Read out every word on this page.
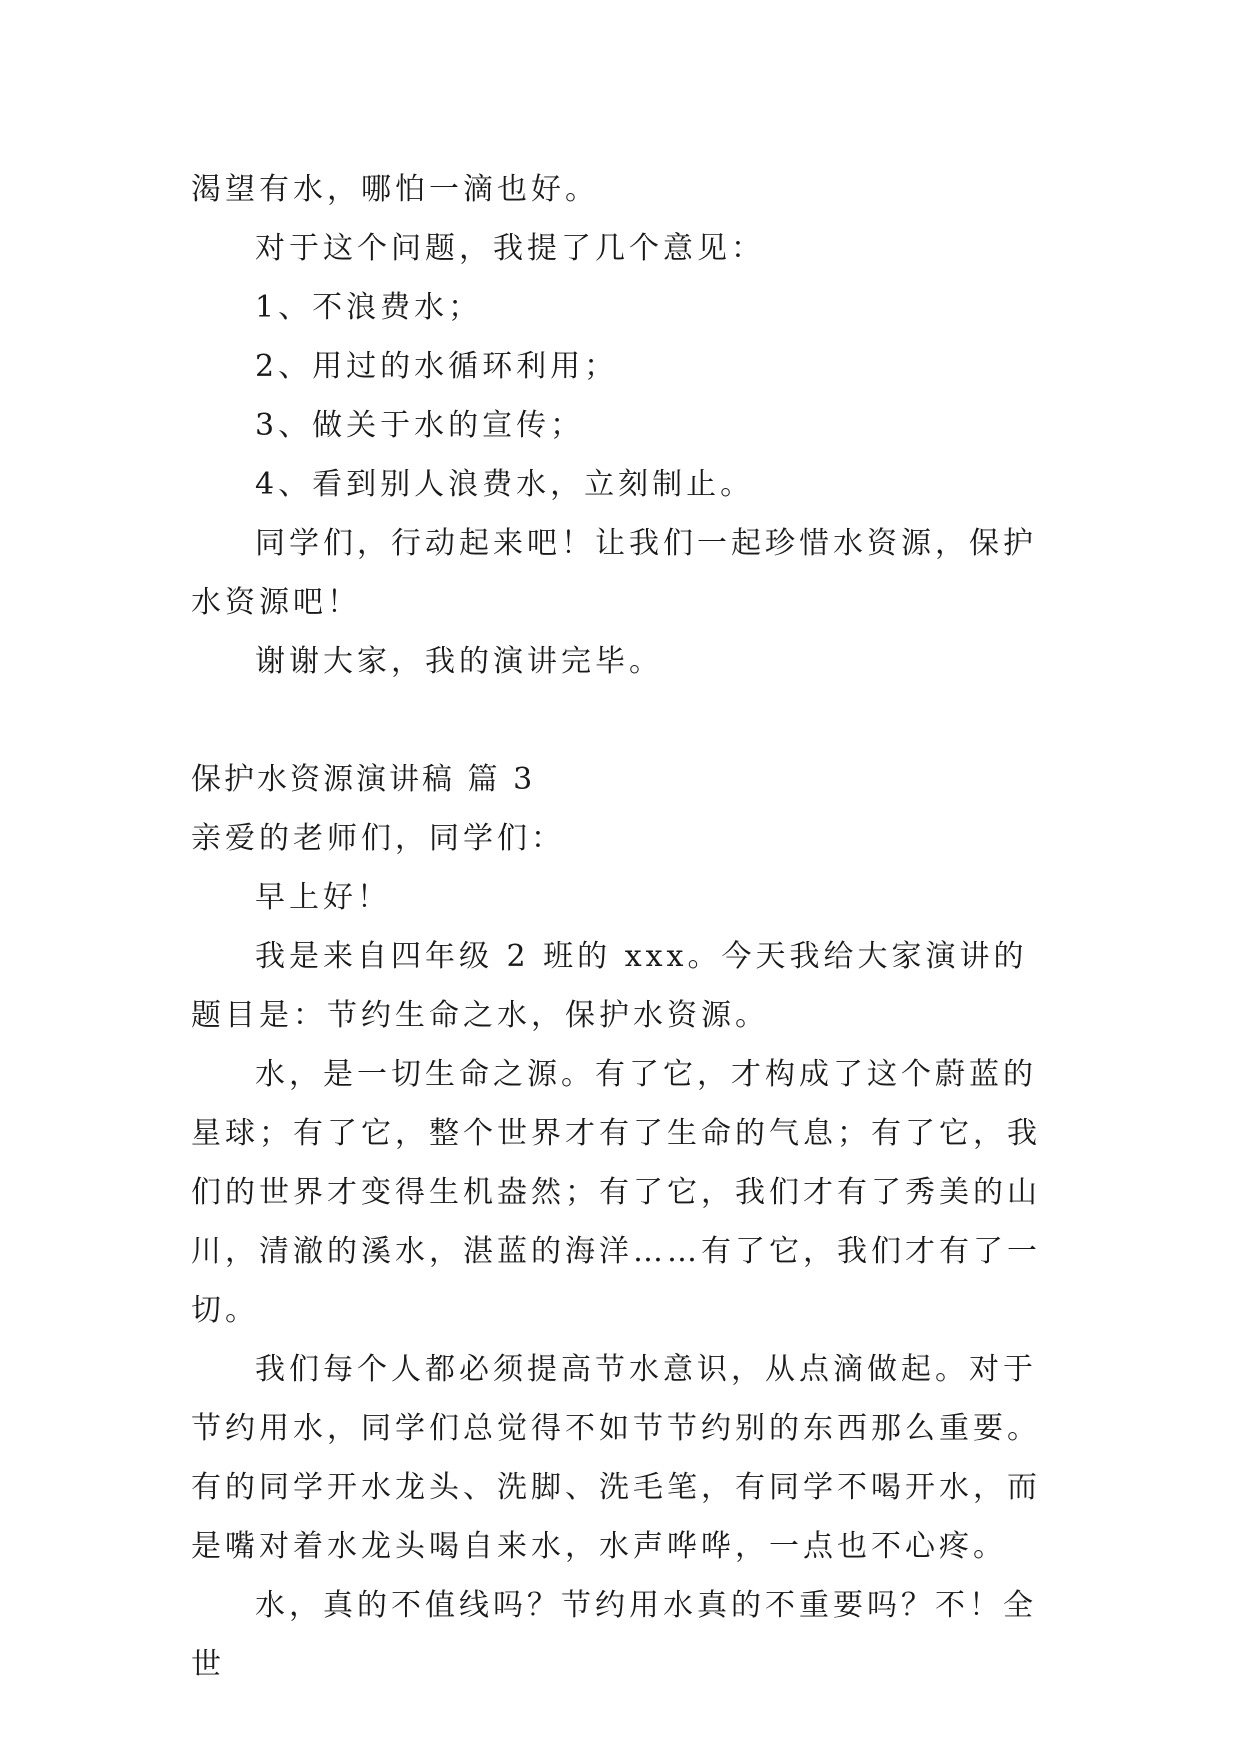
渴望有水，哪怕一滴也好。

对于这个问题，我提了几个意见：

1、不浪费水；

2、用过的水循环利用；

3、做关于水的宣传；

4、看到别人浪费水，立刻制止。

同学们，行动起来吧！让我们一起珍惜水资源，保护水资源吧！

谢谢大家，我的演讲完毕。

保护水资源演讲稿 篇 3

亲爱的老师们，同学们：

早上好！

我是来自四年级 2 班的 xxx。今天我给大家演讲的题目是：节约生命之水，保护水资源。

水，是一切生命之源。有了它，才构成了这个蔚蓝的星球；有了它，整个世界才有了生命的气息；有了它，我们的世界才变得生机盎然；有了它，我们才有了秀美的山川，清澈的溪水，湛蓝的海洋……有了它，我们才有了一切。

我们每个人都必须提高节水意识，从点滴做起。对于节约用水，同学们总觉得不如节节约别的东西那么重要。有的同学开水龙头、洗脚、洗毛笔，有同学不喝开水，而是嘴对着水龙头喝自来水，水声哗哗，一点也不心疼。

水，真的不值线吗？节约用水真的不重要吗？不！全世
